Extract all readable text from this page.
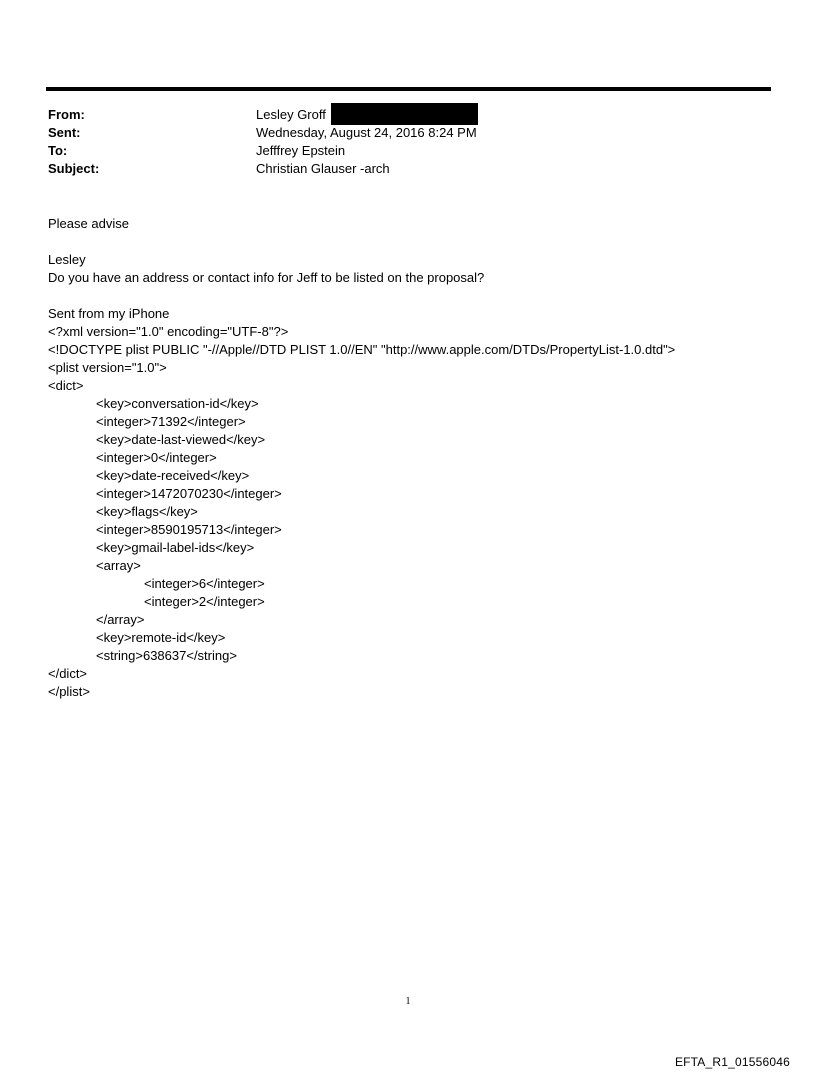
From:	Lesley Groff
Sent:	Wednesday, August 24, 2016 8:24 PM
To:	Jefffrey Epstein
Subject:	Christian Glauser -arch
Please advise
Lesley
Do you have an address or contact info for Jeff to be listed on the proposal?
Sent from my iPhone
<?xml version="1.0" encoding="UTF-8"?>
<!DOCTYPE plist PUBLIC "-//Apple//DTD PLIST 1.0//EN" "http://www.apple.com/DTDs/PropertyList-1.0.dtd">
<plist version="1.0">
<dict>
<key>conversation-id</key>
<integer>71392</integer>
<key>date-last-viewed</key>
<integer>0</integer>
<key>date-received</key>
<integer>1472070230</integer>
<key>flags</key>
<integer>8590195713</integer>
<key>gmail-label-ids</key>
<array>
<integer>6</integer>
<integer>2</integer>
</array>
<key>remote-id</key>
<string>638637</string>
</dict>
</plist>
1
EFTA_R1_01556046
